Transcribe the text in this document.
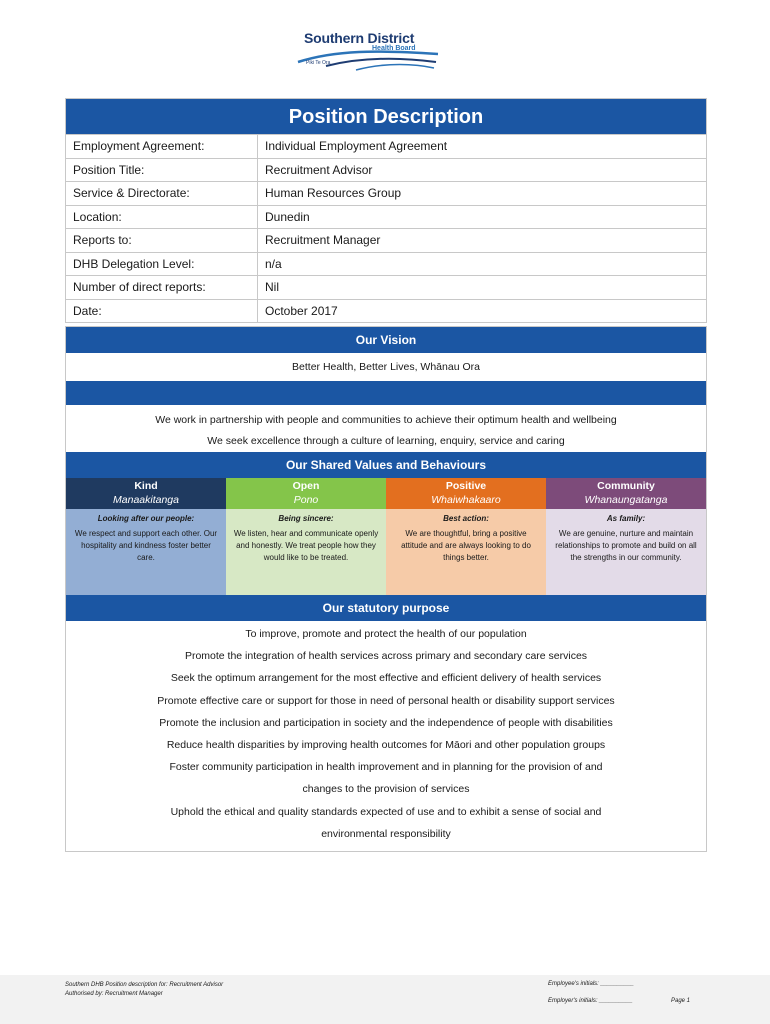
Southern District
Health Board
Piki Te Ora
Position Description
Employment Agreement:	Individual Employment Agreement
Position Title:	Recruitment Advisor
Service & Directorate:	Human Resources Group
Location:	Dunedin
Reports to:	Recruitment Manager
DHB Delegation Level:	n/a
Number of direct reports:	Nil
Date:	October 2017
Our Vision
Better Health, Better Lives, Whānau Ora
We work in partnership with people and communities to achieve their optimum health and wellbeing
We seek excellence through a culture of learning, enquiry, service and caring
Our Shared Values and Behaviours
Kind
Manaakitanga
Looking after our people:
We respect and support each other. Our hospitality and kindness foster better care.
Open
Pono
Being sincere:
We listen, hear and communicate openly and honestly. We treat people how they would like to be treated.
Positive
Whaiwhakaaro
Best action:
We are thoughtful, bring a positive attitude and are always looking to do things better.
Community
Whanaungatanga
As family:
We are genuine, nurture and maintain relationships to promote and build on all the strengths in our community.
Our statutory purpose
To improve, promote and protect the health of our population
Promote the integration of health services across primary and secondary care services
Seek the optimum arrangement for the most effective and efficient delivery of health services
Promote effective care or support for those in need of personal health or disability support services
Promote the inclusion and participation in society and the independence of people with disabilities
Reduce health disparities by improving health outcomes for Māori and other population groups
Foster community participation in health improvement and in planning for the provision of and
changes to the provision of services
Uphold the ethical and quality standards expected of use and to exhibit a sense of social and
environmental responsibility
Southern DHB Position description for: Recruitment Advisor
Authorised by: Recruitment Manager
Employee's initials: __________
Employer's initials: __________	Page 1
